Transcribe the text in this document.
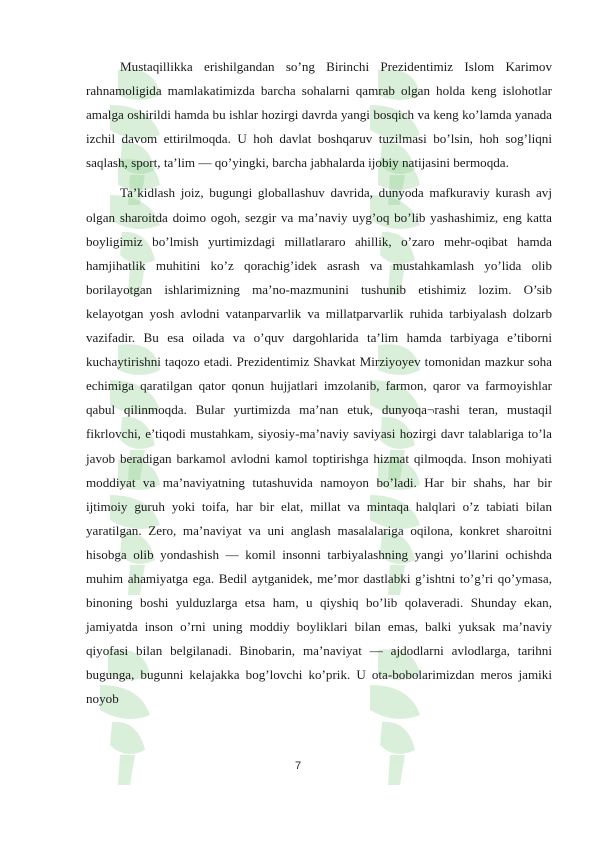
Mustaqillikka erishilgandan so’ng Birinchi Prezidentimiz Islom Karimov rahnamoligida mamlakatimizda barcha sohalarni qamrab olgan holda keng islohotlar amalga oshirildi hamda bu ishlar hozirgi davrda yangi bosqich va keng ko’lamda yanada izchil davom ettirilmoqda. U hoh davlat boshqaruv tuzilmasi bo’lsin, hoh sog’liqni saqlash, sport, ta’lim — qo’yingki, barcha jabhalarda ijobiy natijasini bermoqda.

Ta’kidlash joiz, bugungi globallashuv davrida, dunyoda mafkuraviy kurash avj olgan sharoitda doimo ogoh, sezgir va ma’naviy uyg’oq bo’lib yashashimiz, eng katta boyligimiz bo’lmish yurtimizdagi millatlararo ahillik, o’zaro mehr-oqibat hamda hamjihatlik muhitini ko’z qorachig’idek asrash va mustahkamlash yo’lida olib borilayotgan ishlarimizning ma’no-mazmunini tushunib etishimiz lozim. O’sib kelayotgan yosh avlodni vatanparvarlik va millatparvarlik ruhida tarbiyalash dolzarb vazifadir. Bu esa oilada va o’quv dargohlarida ta’lim hamda tarbiyaga e’tiborni kuchaytirishni taqozo etadi. Prezidentimiz Shavkat Mirziyoyev tomonidan mazkur soha echimiga qaratilgan qator qonun hujjatlari imzolanib, farmon, qaror va farmoyishlar qabul qilinmoqda. Bular yurtimizda ma’nan etuk, dunyoqa¬rashi teran, mustaqil fikrlovchi, e’tiqodi mustahkam, siyosiy-ma’naviy saviyasi hozirgi davr talablariga to’la javob beradigan barkamol avlodni kamol toptirishga hizmat qilmoqda. Inson mohiyati moddiyat va ma’naviyatning tutashuvida namoyon bo’ladi. Har bir shahs, har bir ijtimoiy guruh yoki toifa, har bir elat, millat va mintaqa halqlari o’z tabiati bilan yaratilgan. Zero, ma’naviyat va uni anglash masalalariga oqilona, konkret sharoitni hisobga olib yondashish — komil insonni tarbiyalashning yangi yo’llarini ochishda muhim ahamiyatga ega. Bedil aytganidek, me’mor dastlabki g’ishtni to’g’ri qo’ymasa, binoning boshi yulduzlarga etsa ham, u qiyshiq bo’lib qolaveradi. Shunday ekan, jamiyatda inson o’rni uning moddiy boyliklari bilan emas, balki yuksak ma’naviy qiyofasi bilan belgilanadi. Binobarin, ma’naviyat — ajdodlarni avlodlarga, tarihni bugunga, bugunni kelajakka bog’lovchi ko’prik. U ota-bobolarimizdan meros jamiki noyob

7
